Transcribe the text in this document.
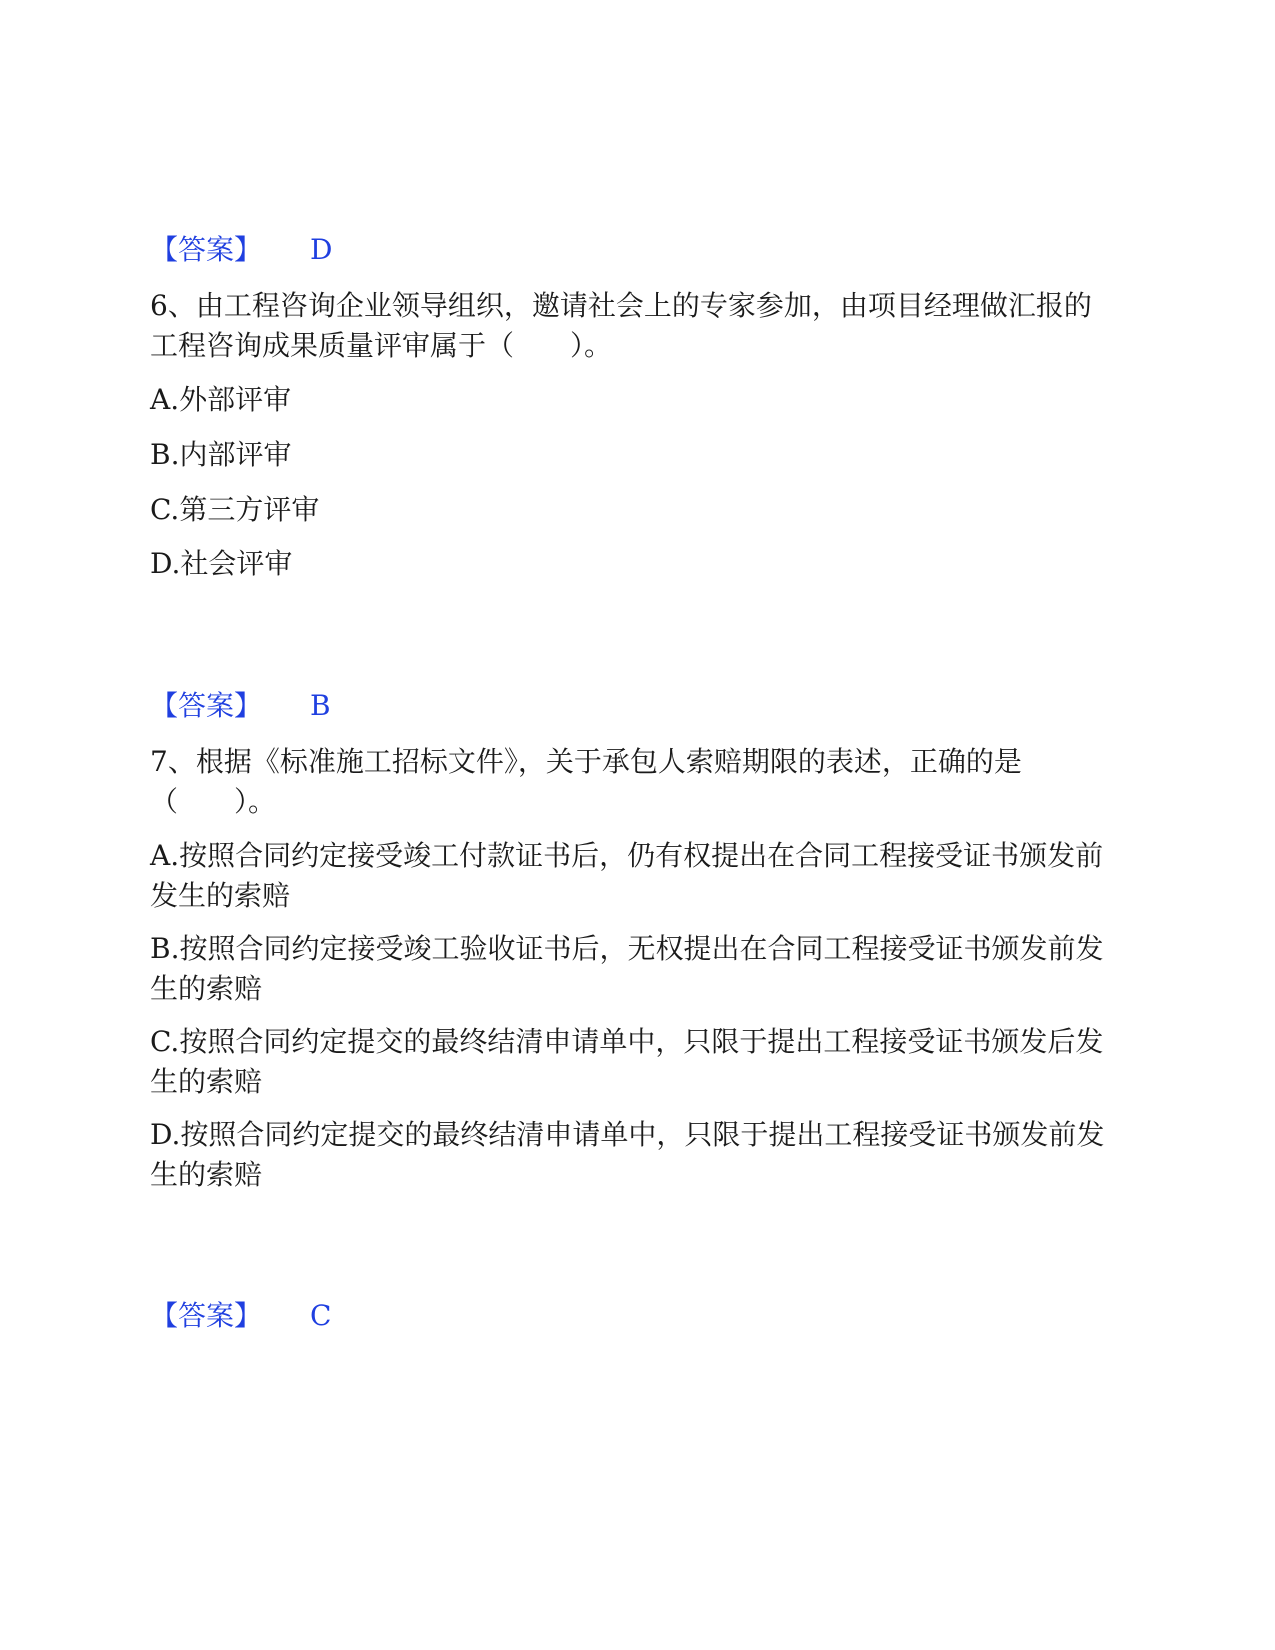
【答案】 D
6、由工程咨询企业领导组织，邀请社会上的专家参加，由项目经理做汇报的工程咨询成果质量评审属于（　　）。
A.外部评审
B.内部评审
C.第三方评审
D.社会评审
【答案】 B
7、根据《标准施工招标文件》，关于承包人索赔期限的表述，正确的是（　　）。
A.按照合同约定接受竣工付款证书后，仍有权提出在合同工程接受证书颁发前发生的索赔
B.按照合同约定接受竣工验收证书后，无权提出在合同工程接受证书颁发前发生的索赔
C.按照合同约定提交的最终结清申请单中，只限于提出工程接受证书颁发后发生的索赔
D.按照合同约定提交的最终结清申请单中，只限于提出工程接受证书颁发前发生的索赔
【答案】 C
